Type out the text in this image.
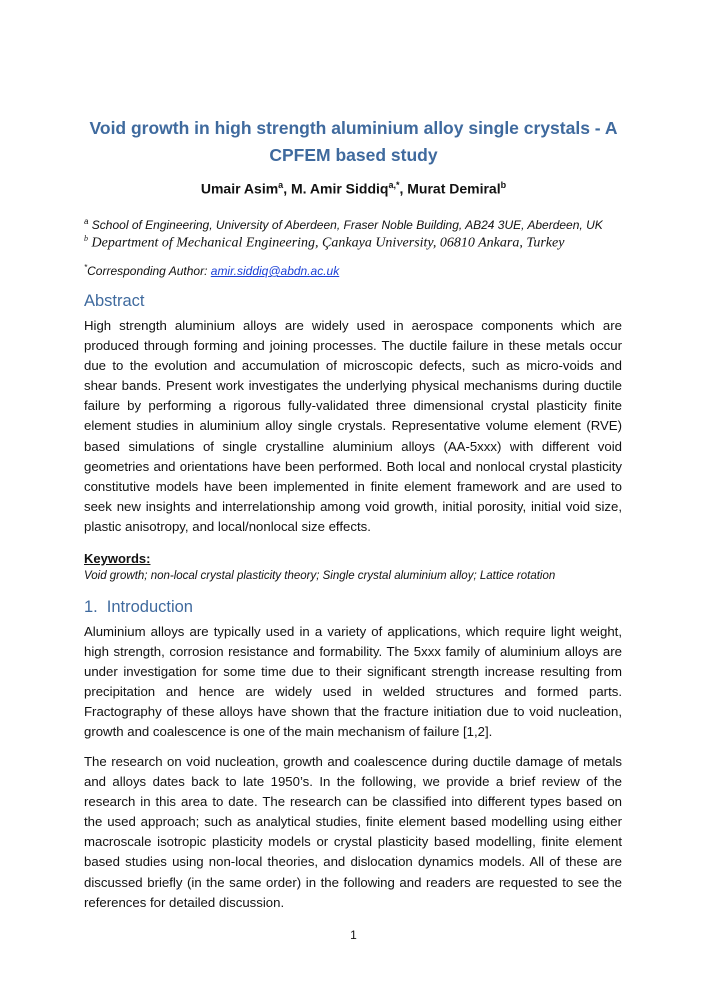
Void growth in high strength aluminium alloy single crystals - A CPFEM based study
Umair Asim$^a$, M. Amir Siddiq$^{a,*}$, Murat Demiral$^b$
$^a$ School of Engineering, University of Aberdeen, Fraser Noble Building, AB24 3UE, Aberdeen, UK
$^b$ Department of Mechanical Engineering, Çankaya University, 06810 Ankara, Turkey
*Corresponding Author: amir.siddiq@abdn.ac.uk
Abstract
High strength aluminium alloys are widely used in aerospace components which are produced through forming and joining processes. The ductile failure in these metals occur due to the evolution and accumulation of microscopic defects, such as micro-voids and shear bands. Present work investigates the underlying physical mechanisms during ductile failure by performing a rigorous fully-validated three dimensional crystal plasticity finite element studies in aluminium alloy single crystals. Representative volume element (RVE) based simulations of single crystalline aluminium alloys (AA-5xxx) with different void geometries and orientations have been performed. Both local and nonlocal crystal plasticity constitutive models have been implemented in finite element framework and are used to seek new insights and interrelationship among void growth, initial porosity, initial void size, plastic anisotropy, and local/nonlocal size effects.
Keywords:
Void growth; non-local crystal plasticity theory; Single crystal aluminium alloy; Lattice rotation
1. Introduction
Aluminium alloys are typically used in a variety of applications, which require light weight, high strength, corrosion resistance and formability. The 5xxx family of aluminium alloys are under investigation for some time due to their significant strength increase resulting from precipitation and hence are widely used in welded structures and formed parts. Fractography of these alloys have shown that the fracture initiation due to void nucleation, growth and coalescence is one of the main mechanism of failure [1,2].
The research on void nucleation, growth and coalescence during ductile damage of metals and alloys dates back to late 1950’s. In the following, we provide a brief review of the research in this area to date. The research can be classified into different types based on the used approach; such as analytical studies, finite element based modelling using either macroscale isotropic plasticity models or crystal plasticity based modelling, finite element based studies using non-local theories, and dislocation dynamics models. All of these are discussed briefly (in the same order) in the following and readers are requested to see the references for detailed discussion.
1
